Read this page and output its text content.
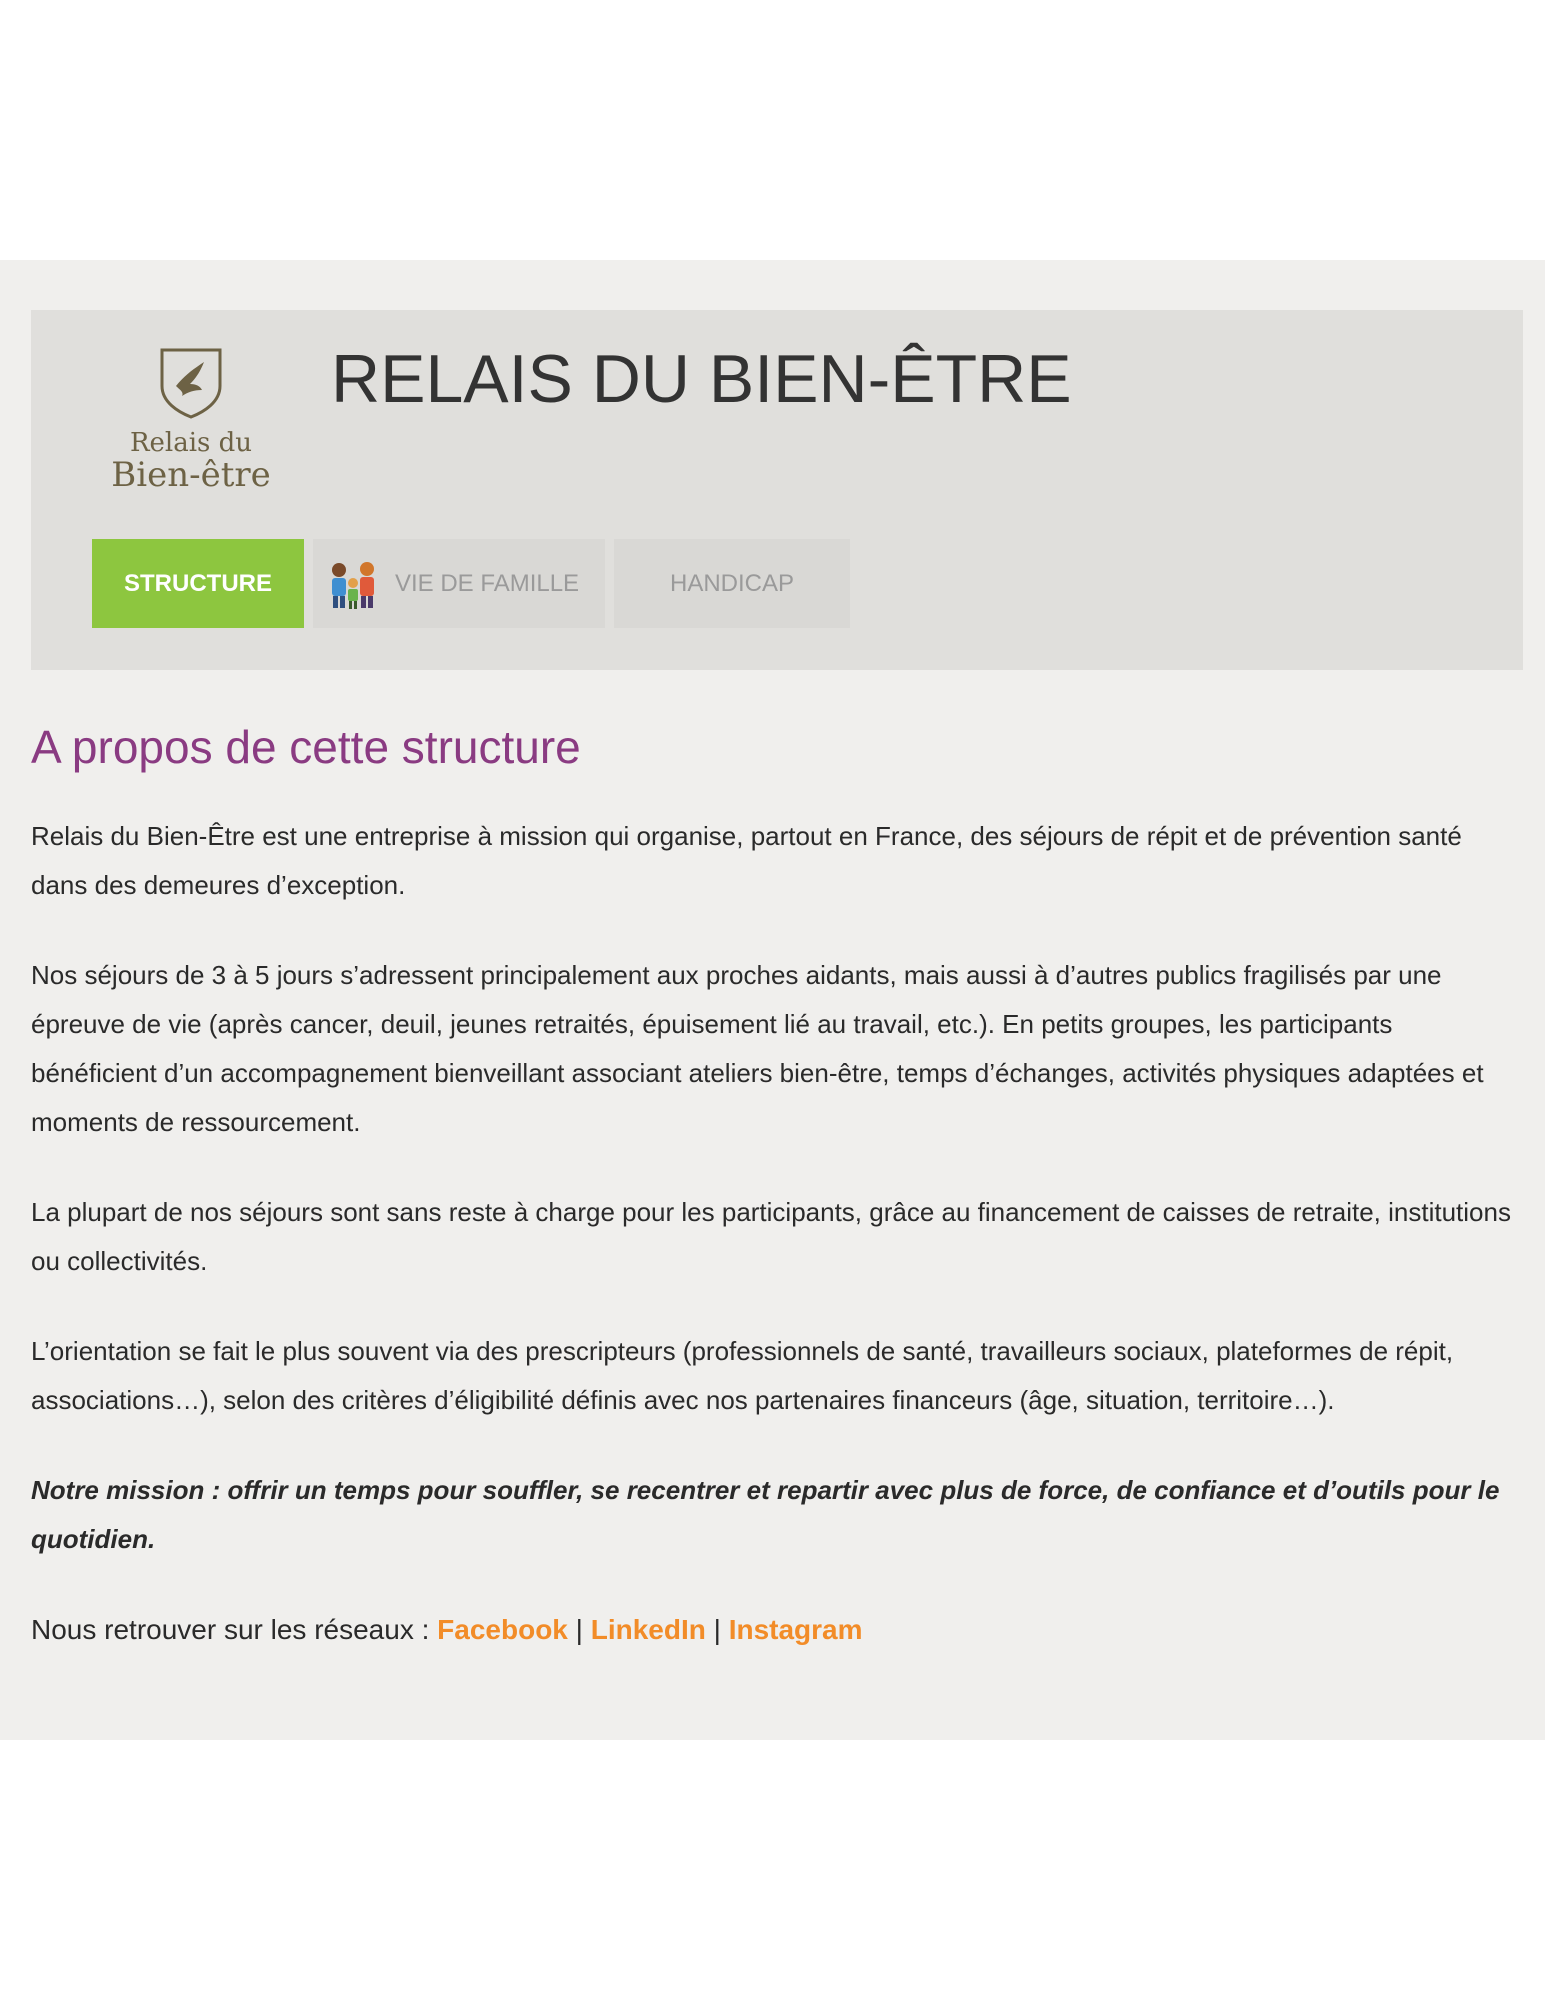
Relais du
Bien-être
RELAIS DU BIEN-ÊTRE
STRUCTURE	VIE DE FAMILLE	HANDICAP
A propos de cette structure

Relais du Bien-Être est une entreprise à mission qui organise, partout en France, des séjours de répit et de prévention santé dans des demeures d’exception.

Nos séjours de 3 à 5 jours s’adressent principalement aux proches aidants, mais aussi à d’autres publics fragilisés par une épreuve de vie (après cancer, deuil, jeunes retraités, épuisement lié au travail, etc.). En petits groupes, les participants bénéficient d’un accompagnement bienveillant associant ateliers bien-être, temps d’échanges, activités physiques adaptées et moments de ressourcement.

La plupart de nos séjours sont sans reste à charge pour les participants, grâce au financement de caisses de retraite, institutions ou collectivités.

L’orientation se fait le plus souvent via des prescripteurs (professionnels de santé, travailleurs sociaux, plateformes de répit, associations…), selon des critères d’éligibilité définis avec nos partenaires financeurs (âge, situation, territoire…).

Notre mission : offrir un temps pour souffler, se recentrer et repartir avec plus de force, de confiance et d’outils pour le quotidien.

Nous retrouver sur les réseaux : Facebook | LinkedIn | Instagram
